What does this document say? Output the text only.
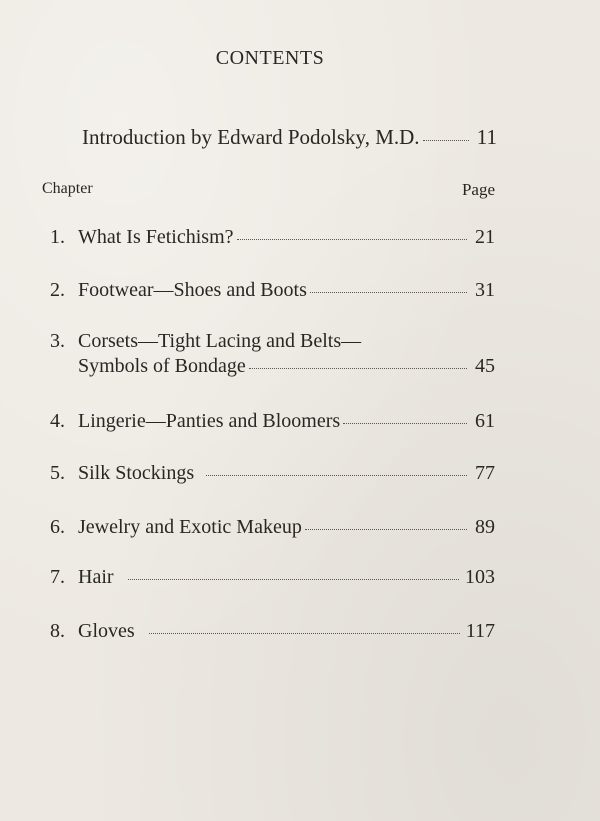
CONTENTS
Introduction by Edward Podolsky, M.D.	11
Chapter	Page
1. What Is Fetichism?	21
2. Footwear—Shoes and Boots	31
3. Corsets—Tight Lacing and Belts—
Symbols of Bondage	45
4. Lingerie—Panties and Bloomers	61
5. Silk Stockings	77
6. Jewelry and Exotic Makeup	89
7. Hair	103
8. Gloves	117
